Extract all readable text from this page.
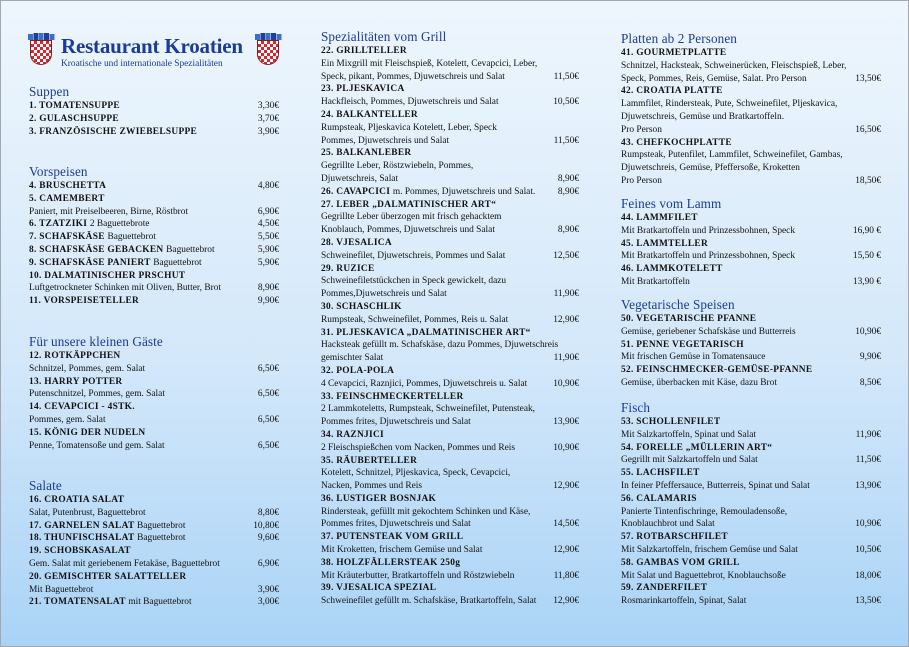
Restaurant Kroatien
Kroatische und internationale Spezialitäten
Suppen
1. TOMATENSUPPE	3,30€
2. GULASCHSUPPE	3,70€
3. FRANZÖSISCHE ZWIEBELSUPPE	3,90€
Vorspeisen
4. BRUSCHETTA	4,80€
5. CAMEMBERT
Paniert, mit Preiselbeeren, Birne, Röstbrot	6,90€
6. TZATZIKI 2 Baguettebrote	4,50€
7. SCHAFSKÄSE Baguettebrot	5,50€
8. SCHAFSKÄSE GEBACKEN Baguettebrot	5,90€
9. SCHAFSKÄSE PANIERT Baguettebrot	5,90€
10. DALMATINISCHER PRSCHUT
Luftgetrockneter Schinken mit Oliven, Butter, Brot	8,90€
11. VORSPEISETELLER	9,90€
Für unsere kleinen Gäste
12. ROTKÄPPCHEN
Schnitzel, Pommes, gem. Salat	6,50€
13. HARRY POTTER
Putenschnitzel, Pommes, gem. Salat	6,50€
14. CEVAPCICI - 4STK.
Pommes, gem. Salat	6,50€
15. KÖNIG DER NUDELN
Penne, Tomatensoße und gem. Salat	6,50€
Salate
16. CROATIA SALAT
Salat, Putenbrust, Baguettebrot	8,80€
17. GARNELEN SALAT Baguettebrot	10,80€
18. THUNFISCHSALAT Baguettebrot	9,60€
19. SCHOBSKASALAT
Gem. Salat mit geriebenem Fetakäse, Baguettebrot	6,90€
20. GEMISCHTER SALATTELLER
Mit Baguettebrot	3,90€
21. TOMATENSALAT mit Baguettebrot	3,00€
Spezialitäten vom Grill
22. GRILLTELLER
Ein Mixgrill mit Fleischspieß, Kotelett, Cevapcici, Leber,
Speck, pikant, Pommes, Djuwetschreis und Salat	11,50€
23. PLJESKAVICA
Hackfleisch, Pommes, Djuwetschreis und Salat	10,50€
24. BALKANTELLER
Rumpsteak, Pljeskavica Kotelett, Leber, Speck
Pommes, Djuwetschreis und Salat	11,50€
25. BALKANLEBER
Gegrillte Leber, Röstzwiebeln, Pommes,
Djuwetschreis, Salat	8,90€
26. CAVAPCICI m. Pommes, Djuwetschreis und Salat. 8,90€
27. LEBER „DALMATINISCHER ART“
Gegrillte Leber überzogen mit frisch gehacktem
Knoblauch, Pommes, Djuwetschreis und Salat	8,90€
28. VJESALICA
Schweinefilet, Djuwetschreis, Pommes und Salat	12,50€
29. RUZICE
Schweinefiletstückchen in Speck gewickelt, dazu
Pommes,Djuwetschreis und Salat	11,90€
30. SCHASCHLIK
Rumpsteak, Schweinefilet, Pommes, Reis u. Salat	12,90€
31. PLJESKAVICA „DALMATINISCHER ART“
Hacksteak gefüllt m. Schafskäse, dazu Pommes, Djuwetschreis
gemischter Salat	11,90€
32. POLA-POLA
4 Cevapcici, Raznjici, Pommes, Djuwetschreis u. Salat	10,90€
33. FEINSCHMECKERTELLER
2 Lammkoteletts, Rumpsteak, Schweinefilet, Putensteak,
Pommes frites, Djuwetschreis und Salat	13,90€
34. RAZNJICI
2 Fleischspießchen vom Nacken, Pommes und Reis	10,90€
35. RÄUBERTELLER
Kotelett, Schnitzel, Pljeskavica, Speck, Cevapcici,
Nacken, Pommes und Reis	12,90€
36. LUSTIGER BOSNJAK
Rindersteak, gefüllt mit gekochtem Schinken und Käse,
Pommes frites, Djuwetschreis und Salat	14,50€
37. PUTENSTEAK VOM GRILL
Mit Kroketten, frischem Gemüse und Salat	12,90€
38. HOLZFÄLLERSTEAK 250g
Mit Kräuterbutter, Bratkartoffeln und Röstzwiebeln	11,80€
39. VJESALICA SPEZIAL
Schweinefilet gefüllt m. Schafskäse, Bratkartoffeln, Salat 12,90€
Platten ab 2 Personen
41. GOURMETPLATTE
Schnitzel, Hacksteak, Schweinerücken, Fleischspieß, Leber,
Speck, Pommes, Reis, Gemüse, Salat. Pro Person	13,50€
42. CROATIA PLATTE
Lammfilet, Rindersteak, Pute, Schweinefilet, Pljeskavica,
Djuwetschreis, Gemüse und Bratkartoffeln.
Pro Person	16,50€
43. CHEFKOCHPLATTE
Rumpsteak, Putenfilet, Lammfilet, Schweinefilet, Gambas,
Djuwetschreis, Gemüse, Pfeffersoße, Kroketten
Pro Person	18,50€
Feines vom Lamm
44. LAMMFILET
Mit Bratkartoffeln und Prinzessbohnen, Speck	16,90 €
45. LAMMTELLER
Mit Bratkartoffeln und Prinzessbohnen, Speck	15,50 €
46. LAMMKOTELETT
Mit Bratkartoffeln	13,90 €
Vegetarische Speisen
50. VEGETARISCHE PFANNE
Gemüse, geriebener Schafskäse und Butterreis	10,90€
51. PENNE VEGETARISCH
Mit frischen Gemüse in Tomatensauce	9,90€
52. FEINSCHMECKER-GEMÜSE-PFANNE
Gemüse, überbacken mit Käse, dazu Brot	8,50€
Fisch
53. SCHOLLENFILET
Mit Salzkartoffeln, Spinat und Salat	11,90€
54. FORELLE „MÜLLERIN ART“
Gegrillt mit Salzkartoffeln und Salat	11,50€
55. LACHSFILET
In feiner Pfeffersauce, Butterreis, Spinat und Salat	13,90€
56. CALAMARIS
Panierte Tintenfischringe, Remouladensoße,
Knoblauchbrot und Salat	10,90€
57. ROTBARSCHFILET
Mit Salzkartoffeln, frischem Gemüse und Salat	10,50€
58. GAMBAS VOM GRILL
Mit Salat und Baguettebrot, Knoblauchsoße	18,00€
59. ZANDERFILET
Rosmarinkartoffeln, Spinat, Salat	13,50€
